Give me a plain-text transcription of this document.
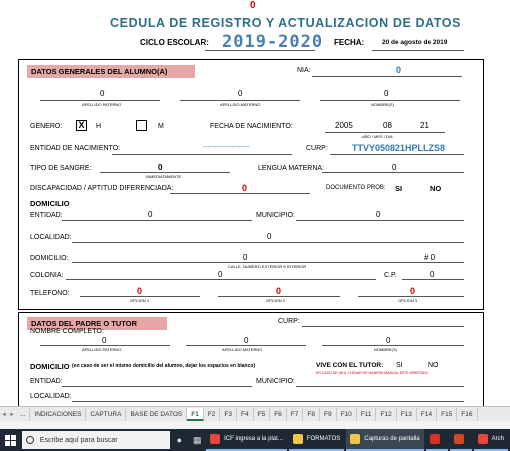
0
CEDULA DE REGISTRO Y ACTUALIZACION DE DATOS
CICLO ESCOLAR: 2019-2020 FECHA:	20 de agosto de 2019
DATOS GENERALES DEL ALUMNO(A)	NIA:	0
0
APELLIDO PATERNO
0
APELLIDO MATERNO
0
NOMBRE(S)
GENERO: X	H	M	FECHA DE NACIMIENTO:	2005	08	21
AÑO / MES / DIA
ENTIDAD DE NACIMIENTO:	--------------------	CURP:	TTVY050821HPLLZS8
TIPO DE SANGRE:	0
INMEDIATAMENTE
LENGUA MATERNA:	0
DISCAPACIDAD / APTITUD DIFERENCIADA:	0	DOCUMENTO PROB: SI	NO
DOMICILIO
ENTIDAD:	0	MUNICIPIO:	0
LOCALIDAD:	0
DOMICILIO:	0	# 0
CALLE, NUMERO EXTERIOR E INTERIOR
COLONIA:	0	C.P.	0
TELEFONO:	0
OPCION 1
0
OPCION 2
0
OPCION 3
DATOS DEL PADRE O TUTOR	CURP:
NOMBRE COMPLETO:
0
APELLIDO PATERNO
0
APELLIDO MATERNO
0
NOMBRE(S)
DOMICILIO (en caso de ser el mismo domicilio del alumno, dejar los espacios en blanco)	VIVE CON EL TUTOR: SI	NO
EN CASO DE (NO), LLENAR DE MANERA MANUAL ESTE APARTADO
ENTIDAD:	MUNICIPIO:
LOCALIDAD:
◂ ▸ ...	INDICACIONES	CAPTURA	BASE DE DATOS	F1	F2	F3	F4	F5	F6	F7	F8	F9	F10	F11	F12	F13	F14	F15	F16
Escribe aquí para buscar	●	▦	ICF ingresa a la plat...	FORMATOS	Capturas de pantalla	Arch
